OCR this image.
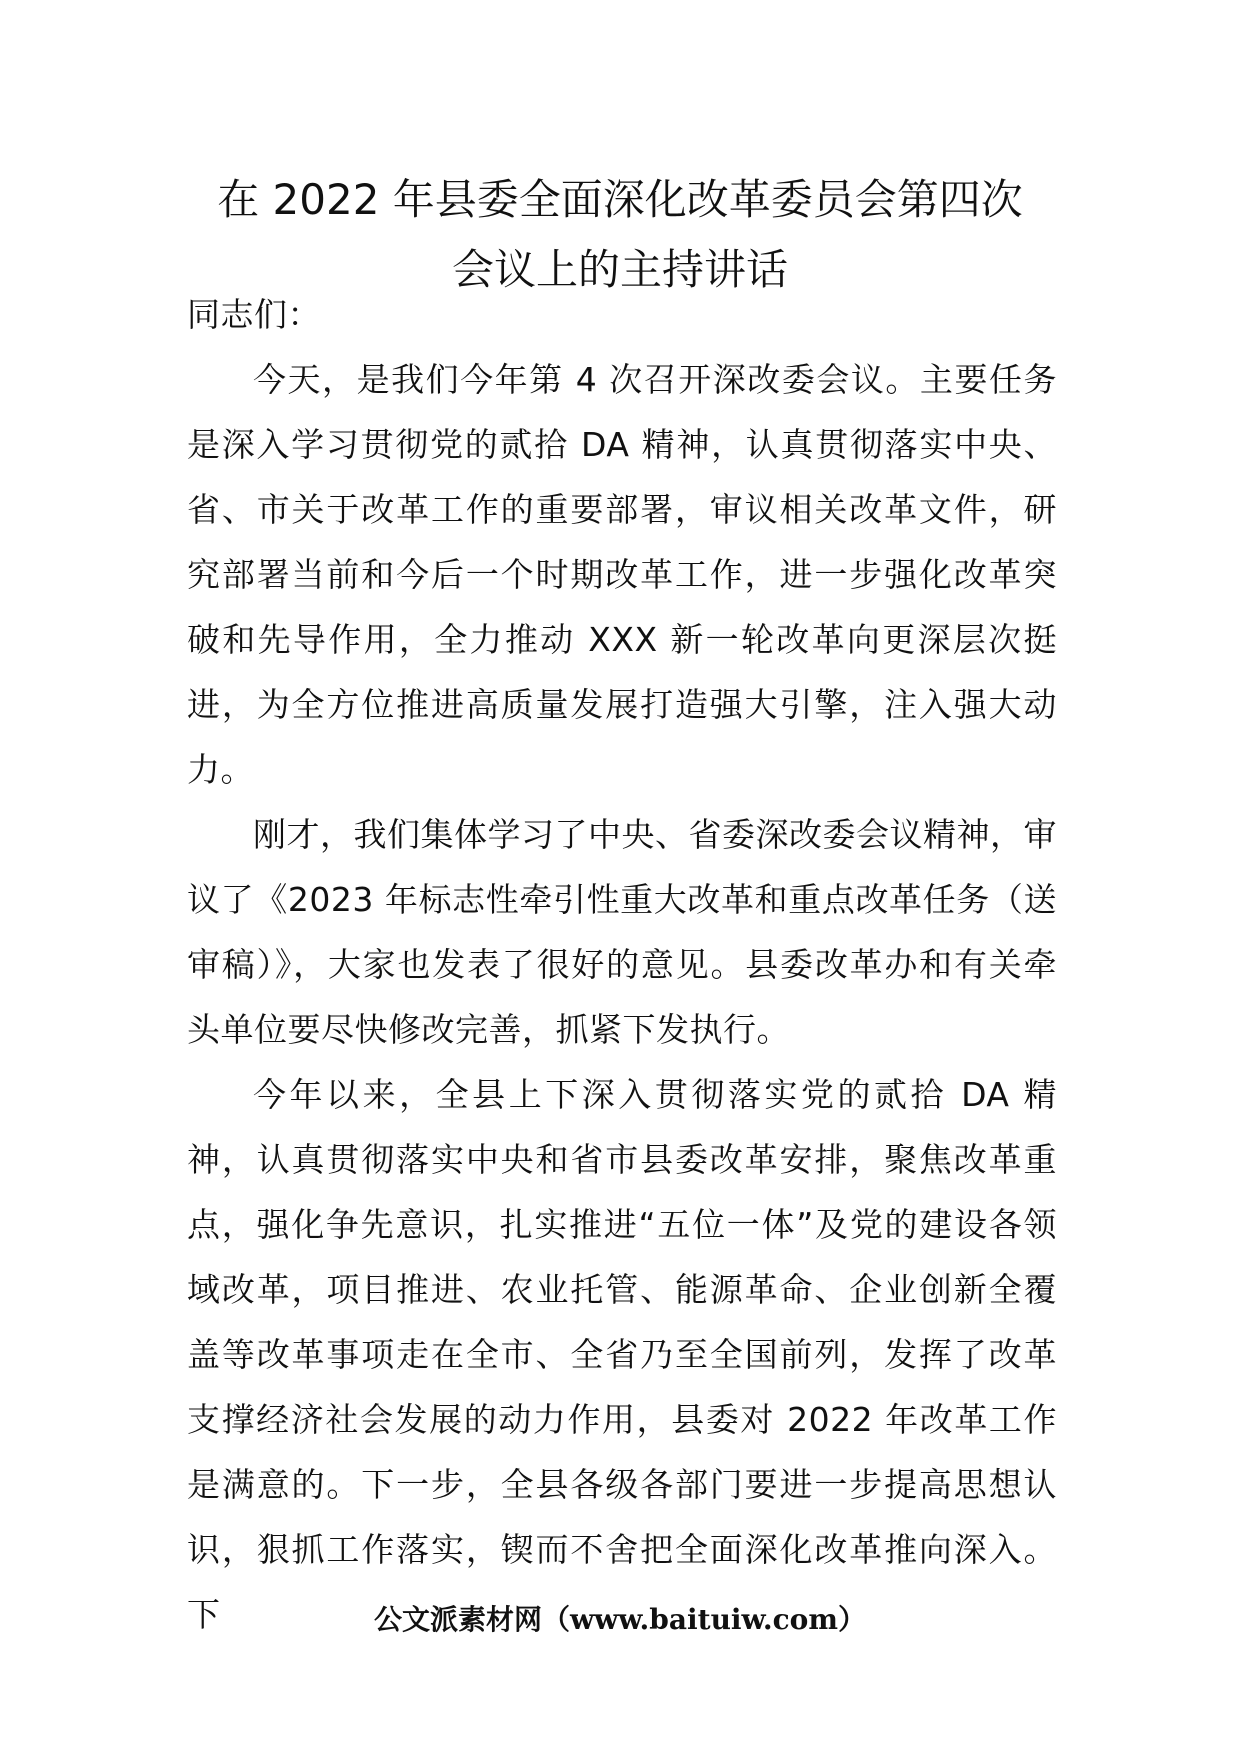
在 2022 年县委全面深化改革委员会第四次
会议上的主持讲话

同志们：

今天，是我们今年第 4 次召开深改委会议。主要任务是深入学习贯彻党的贰拾 DA 精神，认真贯彻落实中央、省、市关于改革工作的重要部署，审议相关改革文件，研究部署当前和今后一个时期改革工作，进一步强化改革突破和先导作用，全力推动 XXX 新一轮改革向更深层次挺进，为全方位推进高质量发展打造强大引擎，注入强大动力。

刚才，我们集体学习了中央、省委深改委会议精神，审议了《2023 年标志性牵引性重大改革和重点改革任务（送审稿）》，大家也发表了很好的意见。县委改革办和有关牵头单位要尽快修改完善，抓紧下发执行。

今年以来，全县上下深入贯彻落实党的贰拾 DA 精神，认真贯彻落实中央和省市县委改革安排，聚焦改革重点，强化争先意识，扎实推进“五位一体”及党的建设各领域改革，项目推进、农业托管、能源革命、企业创新全覆盖等改革事项走在全市、全省乃至全国前列，发挥了改革支撑经济社会发展的动力作用，县委对 2022 年改革工作是满意的。下一步，全县各级各部门要进一步提高思想认识，狠抓工作落实，锲而不舍把全面深化改革推向深入。下	公文派素材网（www.baituiw.com）
